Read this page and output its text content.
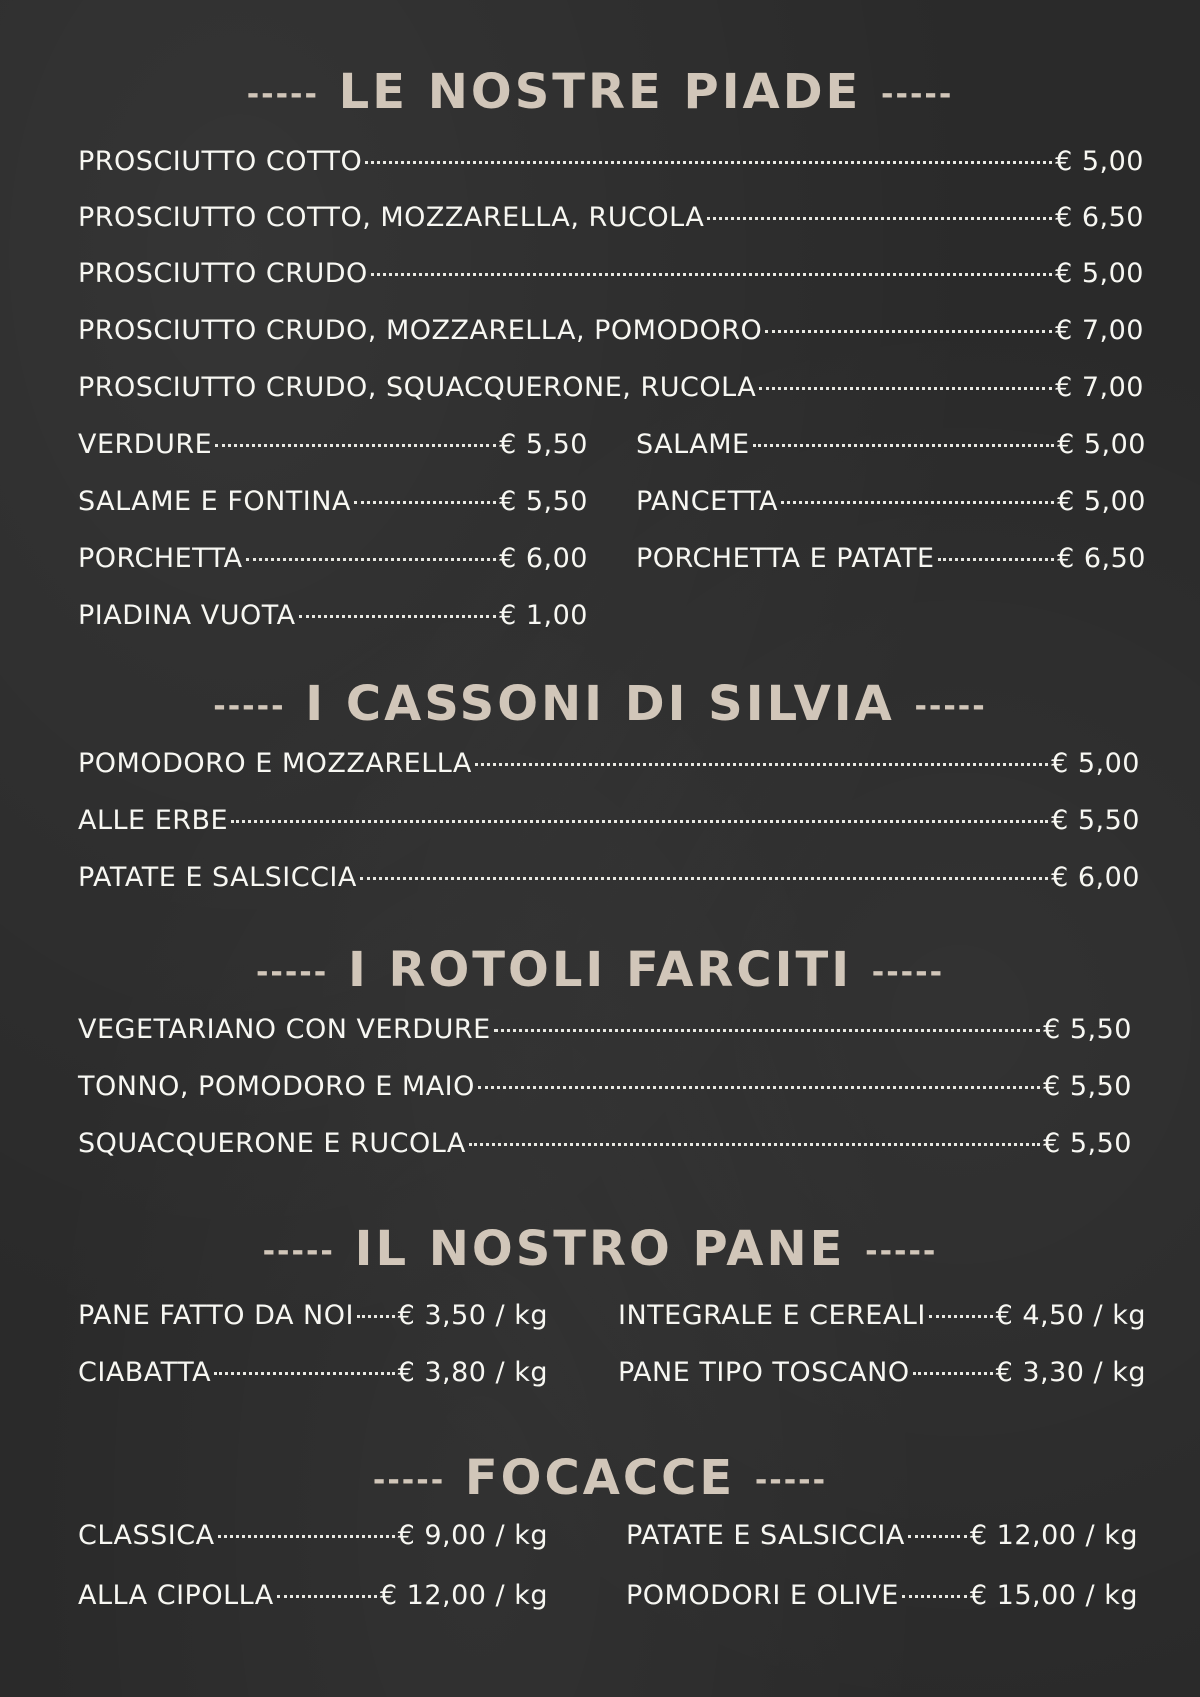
----- LE NOSTRE PIADE -----
PROSCIUTTO COTTO	€ 5,00
PROSCIUTTO COTTO, MOZZARELLA, RUCOLA	€ 6,50
PROSCIUTTO CRUDO	€ 5,00
PROSCIUTTO CRUDO, MOZZARELLA, POMODORO	€ 7,00
PROSCIUTTO CRUDO, SQUACQUERONE, RUCOLA	€ 7,00
VERDURE	€ 5,50 SALAME	€ 5,00
SALAME E FONTINA	€ 5,50 PANCETTA	€ 5,00
PORCHETTA	€ 6,00 PORCHETTA E PATATE	€ 6,50
PIADINA VUOTA	€ 1,00
----- I CASSONI DI SILVIA -----
POMODORO E MOZZARELLA	€ 5,00
ALLE ERBE	€ 5,50
PATATE E SALSICCIA	€ 6,00
----- I ROTOLI FARCITI -----
VEGETARIANO CON VERDURE	€ 5,50
TONNO, POMODORO E MAIO	€ 5,50
SQUACQUERONE E RUCOLA	€ 5,50
----- IL NOSTRO PANE -----
PANE FATTO DA NOI € 3,50 / kg	INTEGRALE E CEREALI	€ 4,50 / kg
CIABATTA	€ 3,80 / kg	PANE TIPO TOSCANO	€ 3,30 / kg
----- FOCACCE -----
CLASSICA	€ 9,00 / kg	PATATE E SALSICCIA € 12,00 / kg
ALLA CIPOLLA	€ 12,00 / kg	POMODORI E OLIVE	€ 15,00 / kg
